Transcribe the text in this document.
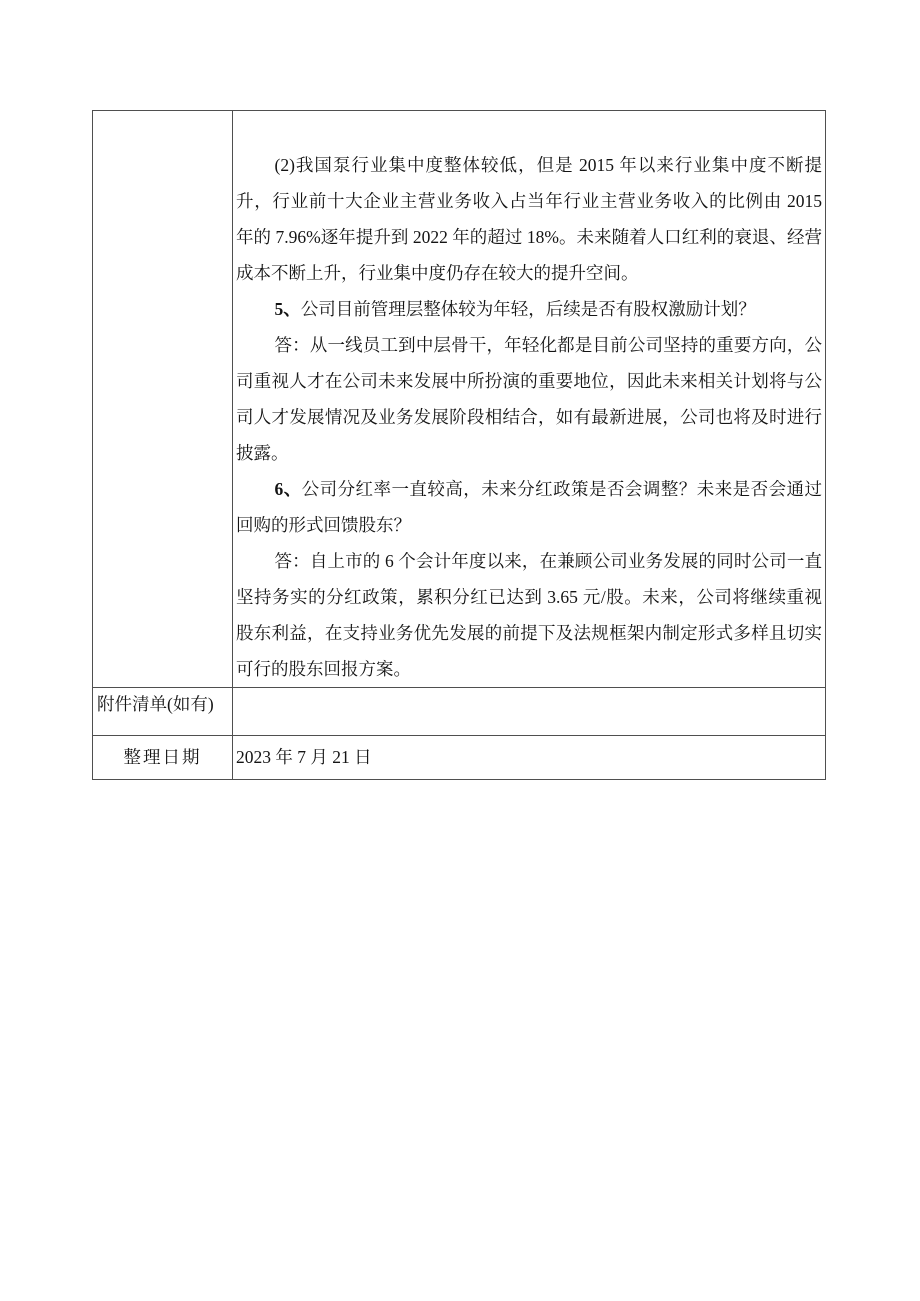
	(2)我国泵行业集中度整体较低，但是 2015 年以来行业集中度不断提升，行业前十大企业主营业务收入占当年行业主营业务收入的比例由 2015 年的 7.96%逐年提升到 2022 年的超过 18%。未来随着人口红利的衰退、经营成本不断上升，行业集中度仍存在较大的提升空间。

5、公司目前管理层整体较为年轻，后续是否有股权激励计划？

答：从一线员工到中层骨干，年轻化都是目前公司坚持的重要方向，公司重视人才在公司未来发展中所扮演的重要地位，因此未来相关计划将与公司人才发展情况及业务发展阶段相结合，如有最新进展，公司也将及时进行披露。

6、公司分红率一直较高，未来分红政策是否会调整？未来是否会通过回购的形式回馈股东？

答：自上市的 6 个会计年度以来，在兼顾公司业务发展的同时公司一直坚持务实的分红政策，累积分红已达到 3.65 元/股。未来，公司将继续重视股东利益，在支持业务优先发展的前提下及法规框架内制定形式多样且切实可行的股东回报方案。

附件清单(如有)	

整理日期	2023 年 7 月 21 日
